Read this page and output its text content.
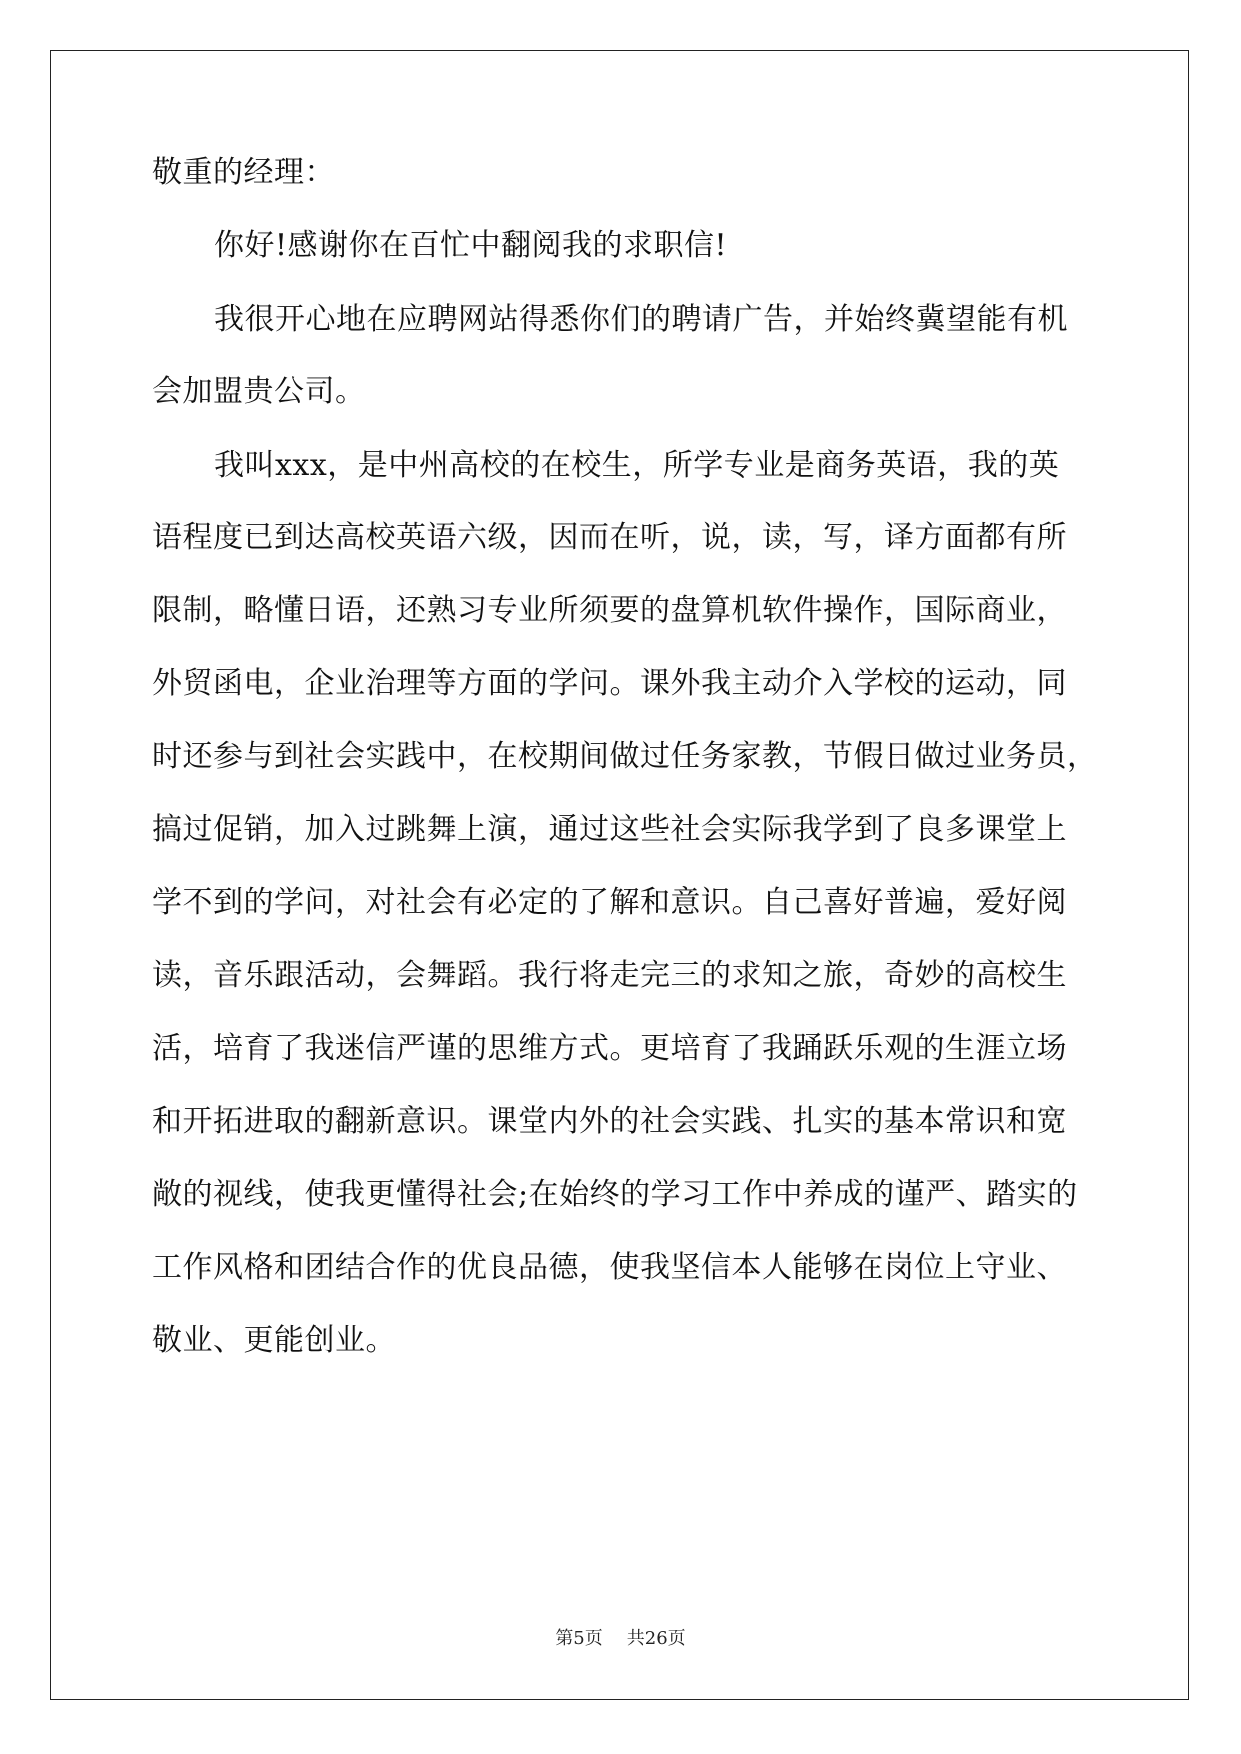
敬重的经理：
你好!感谢你在百忙中翻阅我的求职信!
我很开心地在应聘网站得悉你们的聘请广告，并始终冀望能有机
会加盟贵公司。
我叫xxx，是中州高校的在校生，所学专业是商务英语，我的英
语程度已到达高校英语六级，因而在听，说，读，写，译方面都有所
限制，略懂日语，还熟习专业所须要的盘算机软件操作，国际商业，
外贸函电，企业治理等方面的学问。课外我主动介入学校的运动，同
时还参与到社会实践中，在校期间做过任务家教，节假日做过业务员，
搞过促销，加入过跳舞上演，通过这些社会实际我学到了良多课堂上
学不到的学问，对社会有必定的了解和意识。自己喜好普遍，爱好阅
读，音乐跟活动，会舞蹈。我行将走完三的求知之旅，奇妙的高校生
活，培育了我迷信严谨的思维方式。更培育了我踊跃乐观的生涯立场
和开拓进取的翻新意识。课堂内外的社会实践、扎实的基本常识和宽
敞的视线，使我更懂得社会;在始终的学习工作中养成的谨严、踏实的
工作风格和团结合作的优良品德，使我坚信本人能够在岗位上守业、
敬业、更能创业。
第5页 共26页
